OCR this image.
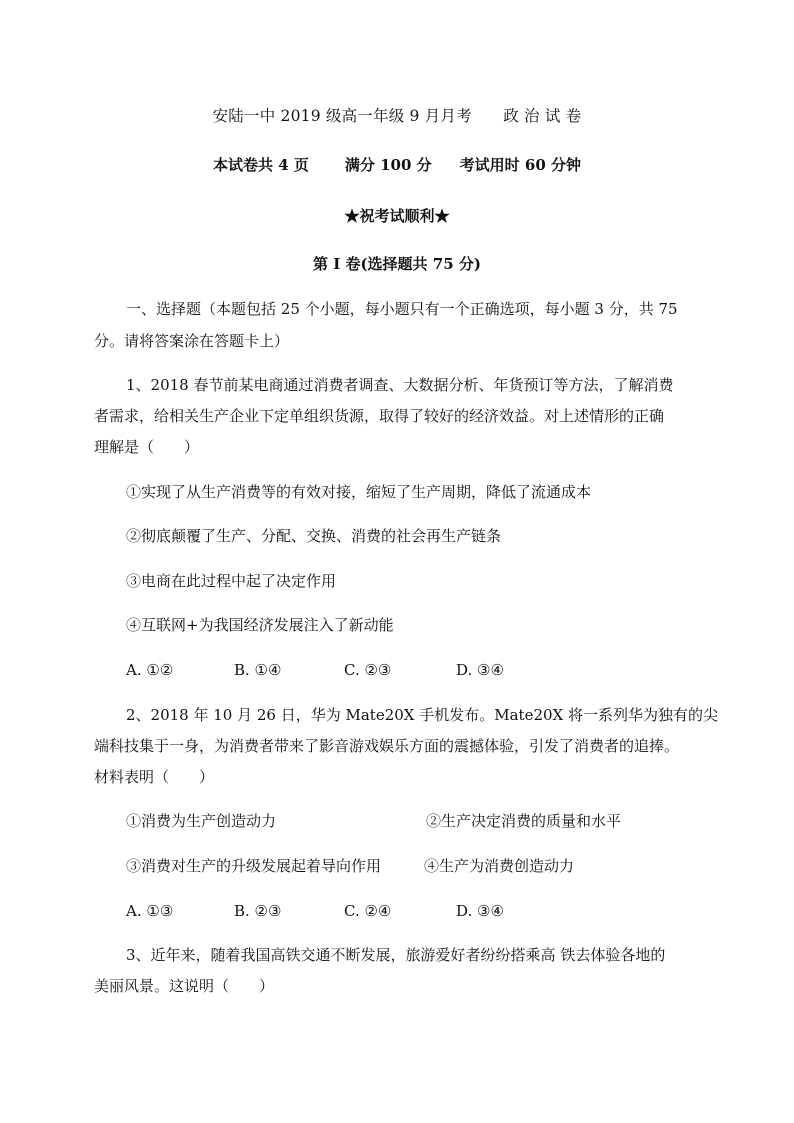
安陆一中 2019 级高一年级 9 月月考　　政 治 试 卷
本试卷共 4 页 满分 100 分 考试用时 60 分钟
★祝考试顺利★
第 I 卷(选择题共 75 分)
一、选择题（本题包括 25 个小题，每小题只有一个正确选项，每小题 3 分，共 75
分。请将答案涂在答题卡上）
1、2018 春节前某电商通过消费者调查、大数据分析、年货预订等方法，了解消费
者需求，给相关生产企业下定单组织货源，取得了较好的经济效益。对上述情形的正确
理解是（　　）
①实现了从生产消费等的有效对接，缩短了生产周期，降低了流通成本
②彻底颠覆了生产、分配、交换、消费的社会再生产链条
③电商在此过程中起了决定作用
④互联网+为我国经济发展注入了新动能
A. ①②	B. ①④	C. ②③	D. ③④
2、2018 年 10 月 26 日，华为 Mate20X 手机发布。Mate20X 将一系列华为独有的尖
端科技集于一身，为消费者带来了影音游戏娱乐方面的震撼体验，引发了消费者的追捧。
材料表明（　　）
①消费为生产创造动力	②生产决定消费的质量和水平
③消费对生产的升级发展起着导向作用	④生产为消费创造动力
A. ①③	B. ②③	C. ②④	D. ③④
3、近年来，随着我国高铁交通不断发展，旅游爱好者纷纷搭乘高 铁去体验各地的
美丽风景。这说明（　　）
